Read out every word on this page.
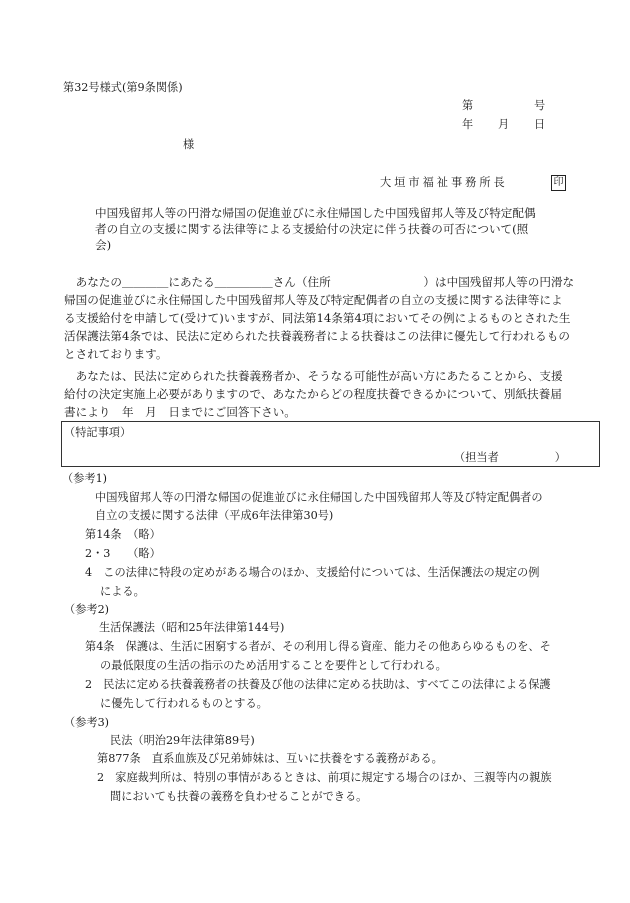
第32号様式(第9条関係)
第	号
年 月 日
様
大垣市福祉事務所長	印
中国残留邦人等の円滑な帰国の促進並びに永住帰国した中国残留邦人等及び特定配偶
者の自立の支援に関する法律等による支援給付の決定に伴う扶養の可否について(照
会)
　あなたの＿＿＿＿にあたる＿＿＿＿＿さん（住所　　　　　　　　）は中国残留邦人等の円滑な
帰国の促進並びに永住帰国した中国残留邦人等及び特定配偶者の自立の支援に関する法律等によ
る支援給付を申請して(受けて)いますが、同法第14条第4項においてその例によるものとされた生
活保護法第4条では、民法に定められた扶養義務者による扶養はこの法律に優先して行われるもの
とされております。
　あなたは、民法に定められた扶養義務者か、そうなる可能性が高い方にあたることから、支援
給付の決定実施上必要がありますので、あなたからどの程度扶養できるかについて、別紙扶養届
書により　年　月　日までにご回答下さい。
（特記事項）
（担当者　　　　　）
（参考1)
中国残留邦人等の円滑な帰国の促進並びに永住帰国した中国残留邦人等及び特定配偶者の
自立の支援に関する法律（平成6年法律第30号)
第14条　（略）
2・3　　（略）
4　この法律に特段の定めがある場合のほか、支援給付については、生活保護法の規定の例
による。
（参考2)
生活保護法（昭和25年法律第144号)
第4条　保護は、生活に困窮する者が、その利用し得る資産、能力その他あらゆるものを、そ
の最低限度の生活の指示のため活用することを要件として行われる。
2　民法に定める扶養義務者の扶養及び他の法律に定める扶助は、すべてこの法律による保護
に優先して行われるものとする。
（参考3)
民法（明治29年法律第89号)
第877条　直系血族及び兄弟姉妹は、互いに扶養をする義務がある。
2　家庭裁判所は、特別の事情があるときは、前項に規定する場合のほか、三親等内の親族
間においても扶養の義務を負わせることができる。
